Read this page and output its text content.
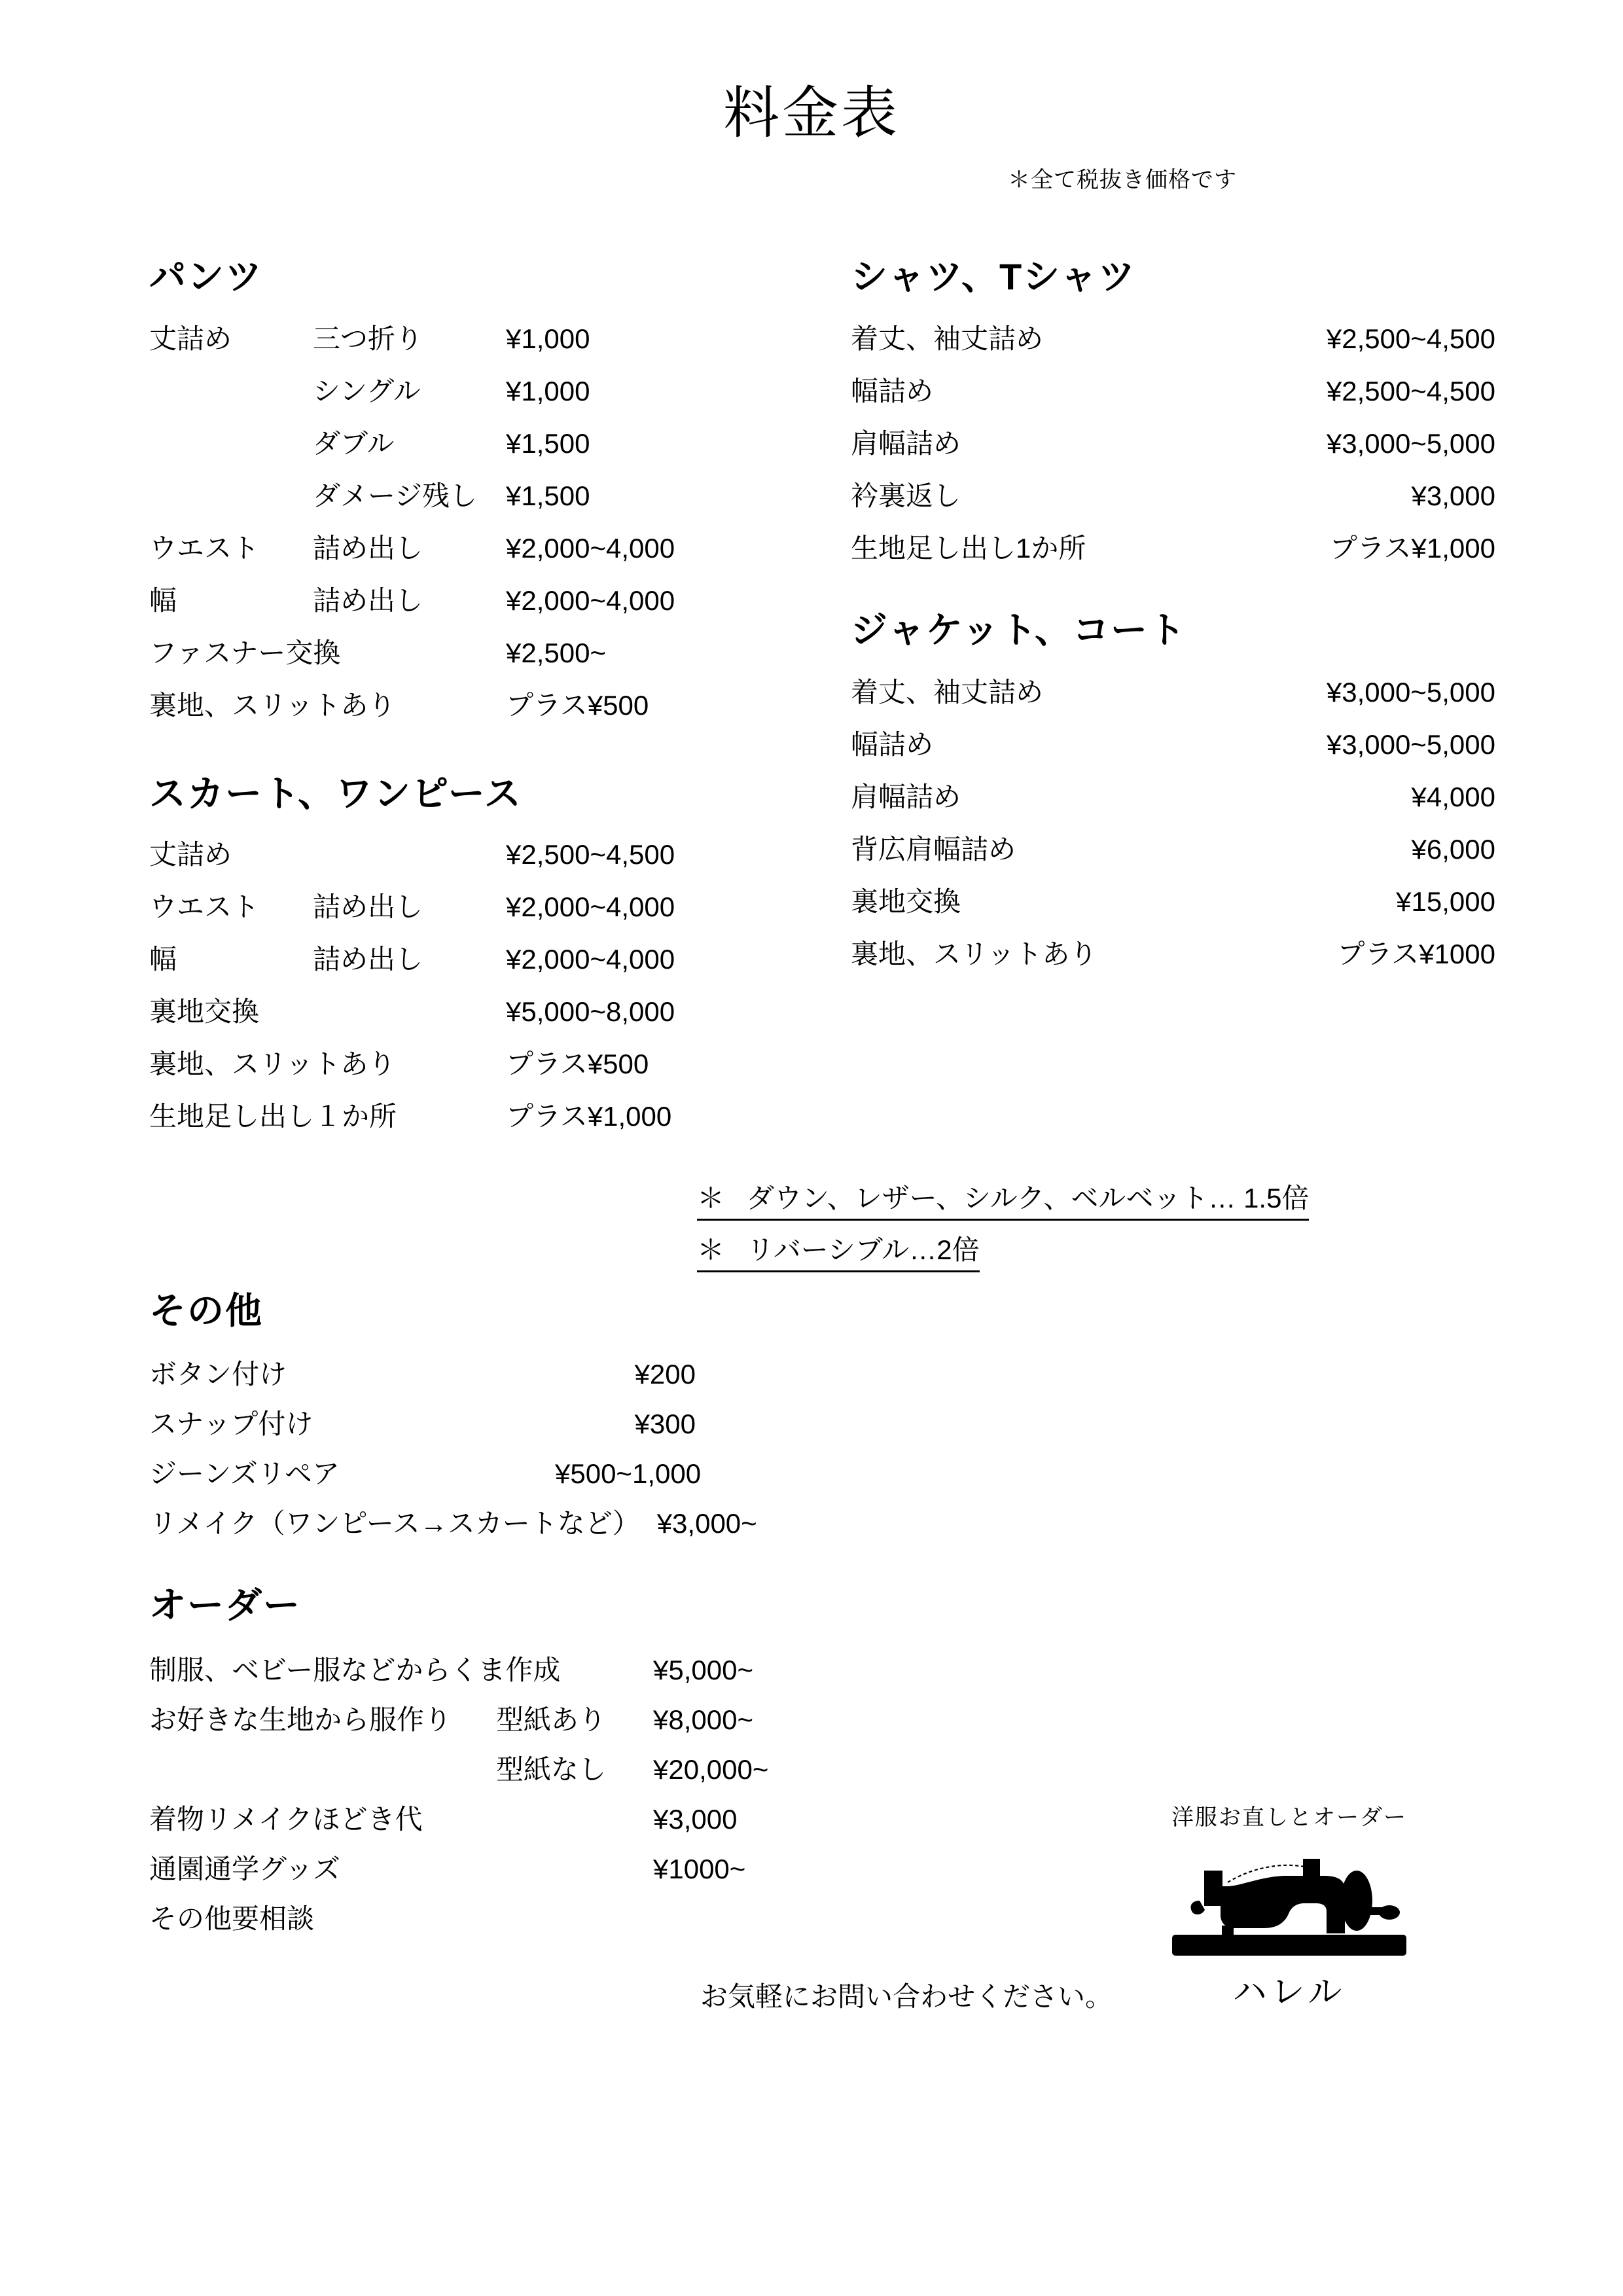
料金表
＊全て税抜き価格です
パンツ
丈詰め	三つ折り	¥1,000
シングル	¥1,000
ダブル	¥1,500
ダメージ残し	¥1,500
ウエスト	詰め出し	¥2,000~4,000
幅	詰め出し	¥2,000~4,000
ファスナー交換	¥2,500~
裏地、スリットあり	プラス¥500
スカート、ワンピース
丈詰め	¥2,500~4,500
ウエスト	詰め出し	¥2,000~4,000
幅	詰め出し	¥2,000~4,000
裏地交換	¥5,000~8,000
裏地、スリットあり	プラス¥500
生地足し出し１か所	プラス¥1,000
シャツ、Tシャツ
着丈、袖丈詰め	¥2,500~4,500
幅詰め	¥2,500~4,500
肩幅詰め	¥3,000~5,000
衿裏返し	¥3,000
生地足し出し1か所	プラス¥1,000
ジャケット、コート
着丈、袖丈詰め	¥3,000~5,000
幅詰め	¥3,000~5,000
肩幅詰め	¥4,000
背広肩幅詰め	¥6,000
裏地交換	¥15,000
裏地、スリットあり	プラス¥1000
＊ ダウン、レザー、シルク、ベルベット… 1.5倍
＊ リバーシブル…2倍
その他
ボタン付け	¥200
スナップ付け	¥300
ジーンズリペア	¥500~1,000
リメイク（ワンピース→スカートなど） ¥3,000~
オーダー
制服、ベビー服などからくま作成	¥5,000~
お好きな生地から服作り	型紙あり	¥8,000~
型紙なし	¥20,000~
着物リメイクほどき代	¥3,000
通園通学グッズ	¥1000~
その他要相談
お気軽にお問い合わせください。
洋服お直しとオーダー
ハレル
